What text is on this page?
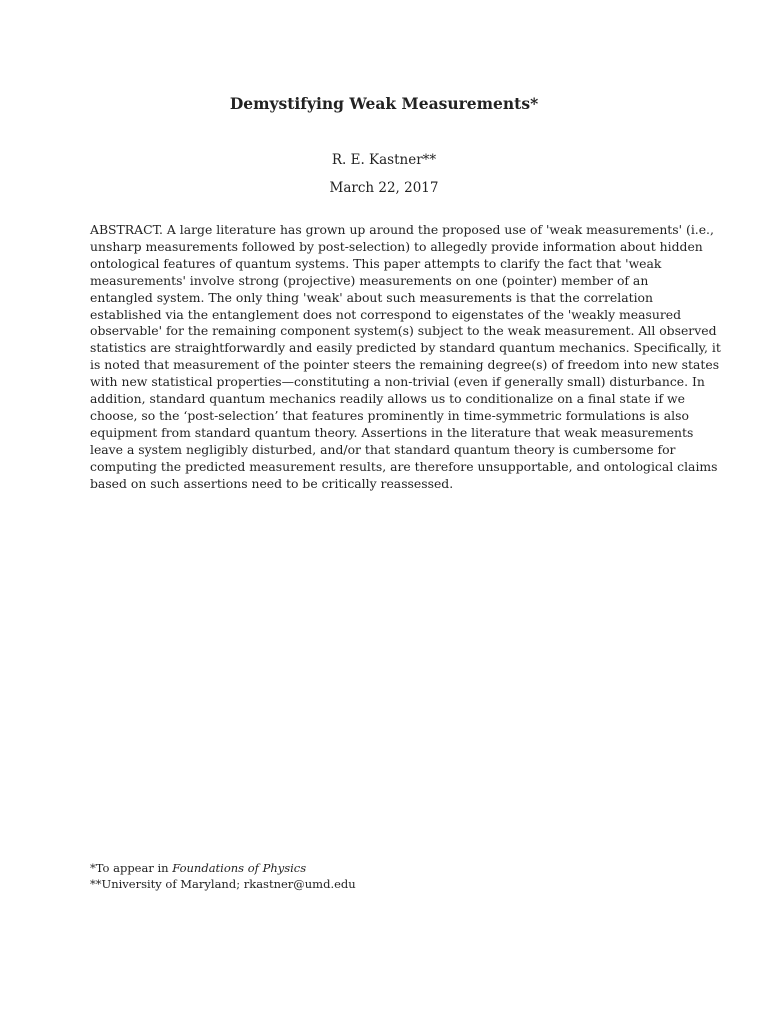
Demystifying Weak Measurements*

R. E. Kastner**

March 22, 2017

ABSTRACT. A large literature has grown up around the proposed use of 'weak measurements' (i.e.,
unsharp measurements followed by post-selection) to allegedly provide information about hidden
ontological features of quantum systems. This paper attempts to clarify the fact that 'weak
measurements' involve strong (projective) measurements on one (pointer) member of an
entangled system. The only thing 'weak' about such measurements is that the correlation
established via the entanglement does not correspond to eigenstates of the 'weakly measured
observable' for the remaining component system(s) subject to the weak measurement. All observed
statistics are straightforwardly and easily predicted by standard quantum mechanics. Specifically, it
is noted that measurement of the pointer steers the remaining degree(s) of freedom into new states
with new statistical properties—constituting a non-trivial (even if generally small) disturbance. In
addition, standard quantum mechanics readily allows us to conditionalize on a final state if we
choose, so the ‘post-selection’ that features prominently in time-symmetric formulations is also
equipment from standard quantum theory. Assertions in the literature that weak measurements
leave a system negligibly disturbed, and/or that standard quantum theory is cumbersome for
computing the predicted measurement results, are therefore unsupportable, and ontological claims
based on such assertions need to be critically reassessed.
*To appear in Foundations of Physics
**University of Maryland; rkastner@umd.edu
